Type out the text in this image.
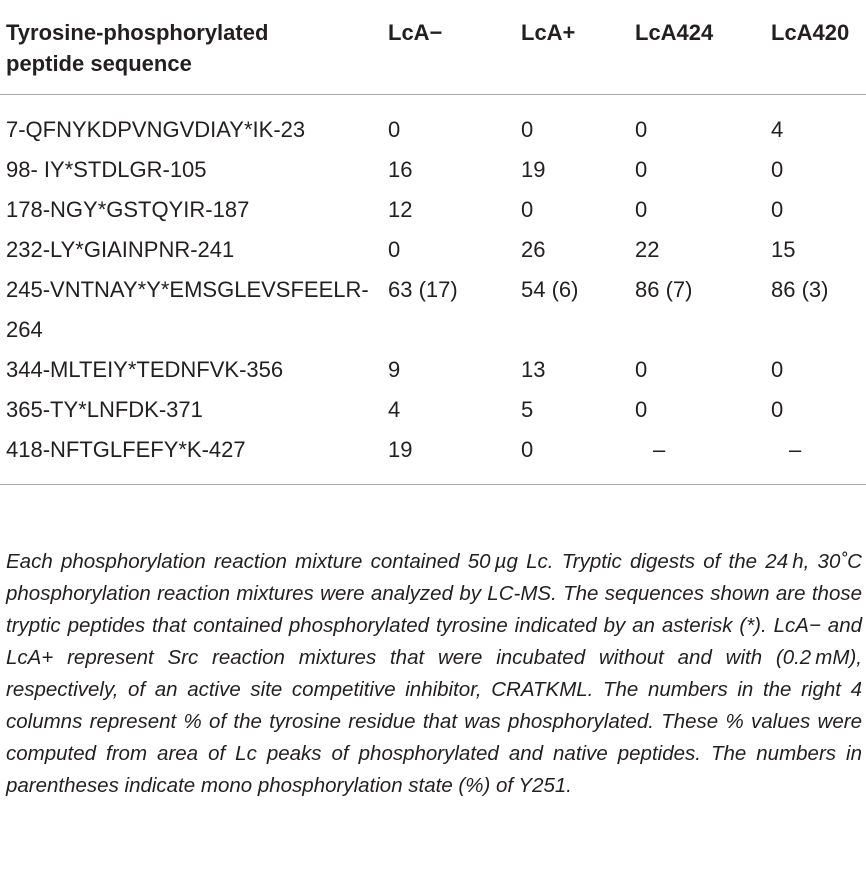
Tyrosine-phosphorylated peptide sequence	LcA−	LcA+	LcA424	LcA420
7-QFNYKDPVNGVDIAY*IK-23	0	0	0	4
98- IY*STDLGR-105	16	19	0	0
178-NGY*GSTQYIR-187	12	0	0	0
232-LY*GIAINPNR-241	0	26	22	15
245-VNTNAY*Y*EMSGLEVSFEELR-264	63 (17)	54 (6)	86 (7)	86 (3)
344-MLTEIY*TEDNFVK-356	9	13	0	0
365-TY*LNFDK-371	4	5	0	0
418-NFTGLFEFY*K-427	19	0	–	–

Each phosphorylation reaction mixture contained 50 µg Lc. Tryptic digests of the 24 h, 30˚C phosphorylation reaction mixtures were analyzed by LC-MS. The sequences shown are those tryptic peptides that contained phosphorylated tyrosine indicated by an asterisk (*). LcA− and LcA+ represent Src reaction mixtures that were incubated without and with (0.2 mM), respectively, of an active site competitive inhibitor, CRATKML. The numbers in the right 4 columns represent % of the tyrosine residue that was phosphorylated. These % values were computed from area of Lc peaks of phosphorylated and native peptides. The numbers in parentheses indicate mono phosphorylation state (%) of Y251.
